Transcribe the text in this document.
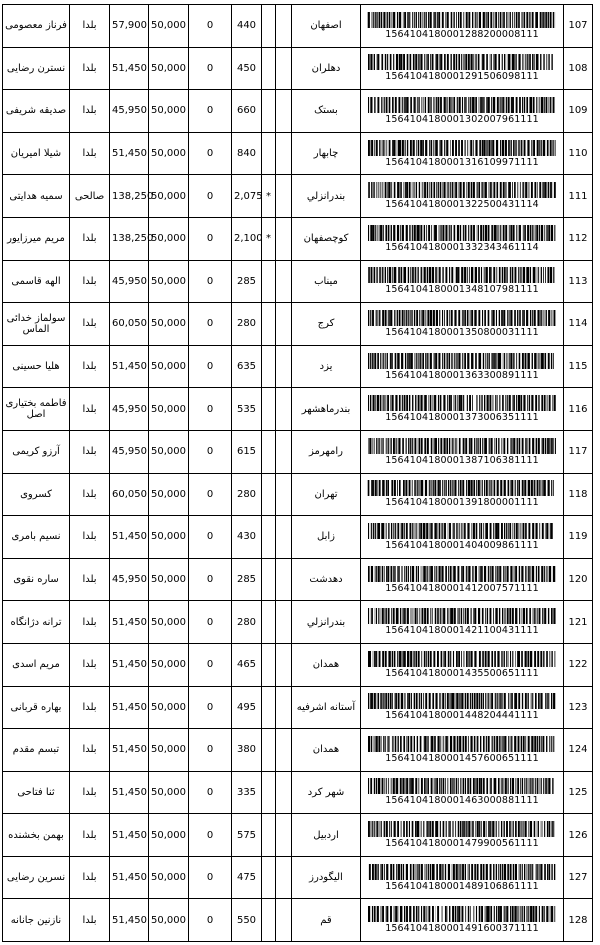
فرناز معصومی	بلدا	57,900	50,000	0	440			اصفهان	1564104180001288200008111	107
نسترن رضایی	بلدا	51,450	50,000	0	450			دهلران	1564104180001291506098111	108
صدیقه شریفی	بلدا	45,950	50,000	0	660			بستک	1564104180001302007961111	109
شیلا امیریان	بلدا	51,450	50,000	0	840			چابهار	1564104180001316109971111	110
سمیه هدایتی	صالحی	138,250	50,000	0	2,075	*		بندرانزلي	1564104180001322500431114	111
مریم میرزایور	بلدا	138,250	50,000	0	2,100	*		کوچصفهان	1564104180001332343461114	112
الهه قاسمی	بلدا	45,950	50,000	0	285			میناب	1564104180001348107981111	113
سولماز خدائی الماس	بلدا	60,050	50,000	0	280			کرج	1564104180001350800031111	114
هلیا حسینی	بلدا	51,450	50,000	0	635			یزد	1564104180001363300891111	115
فاطمه بختیاری اصل	بلدا	45,950	50,000	0	535			بندرماهشهر	1564104180001373006351111	116
آرزو کریمی	بلدا	45,950	50,000	0	615			رامهرمز	1564104180001387106381111	117
کسروی	بلدا	60,050	50,000	0	280			تهران	1564104180001391800001111	118
نسیم بامری	بلدا	51,450	50,000	0	430			زابل	1564104180001404009861111	119
ساره نقوی	بلدا	45,950	50,000	0	285			دهدشت	1564104180001412007571111	120
ترانه دژانگاه	بلدا	51,450	50,000	0	280			بندرانزلي	1564104180001421100431111	121
مریم اسدی	بلدا	51,450	50,000	0	465			همدان	1564104180001435500651111	122
بهاره قربانی	بلدا	51,450	50,000	0	495			آستانه اشرفیه	1564104180001448204441111	123
تبسم مقدم	بلدا	51,450	50,000	0	380			همدان	1564104180001457600651111	124
ثنا فتاحی	بلدا	51,450	50,000	0	335			شهر کرد	1564104180001463000881111	125
بهمن بخشنده	بلدا	51,450	50,000	0	575			اردبیل	1564104180001479900561111	126
نسرین رضایی	بلدا	51,450	50,000	0	475			الیگودرز	1564104180001489106861111	127
نازنین جانانه	بلدا	51,450	50,000	0	550			قم	1564104180001491600371111	128
